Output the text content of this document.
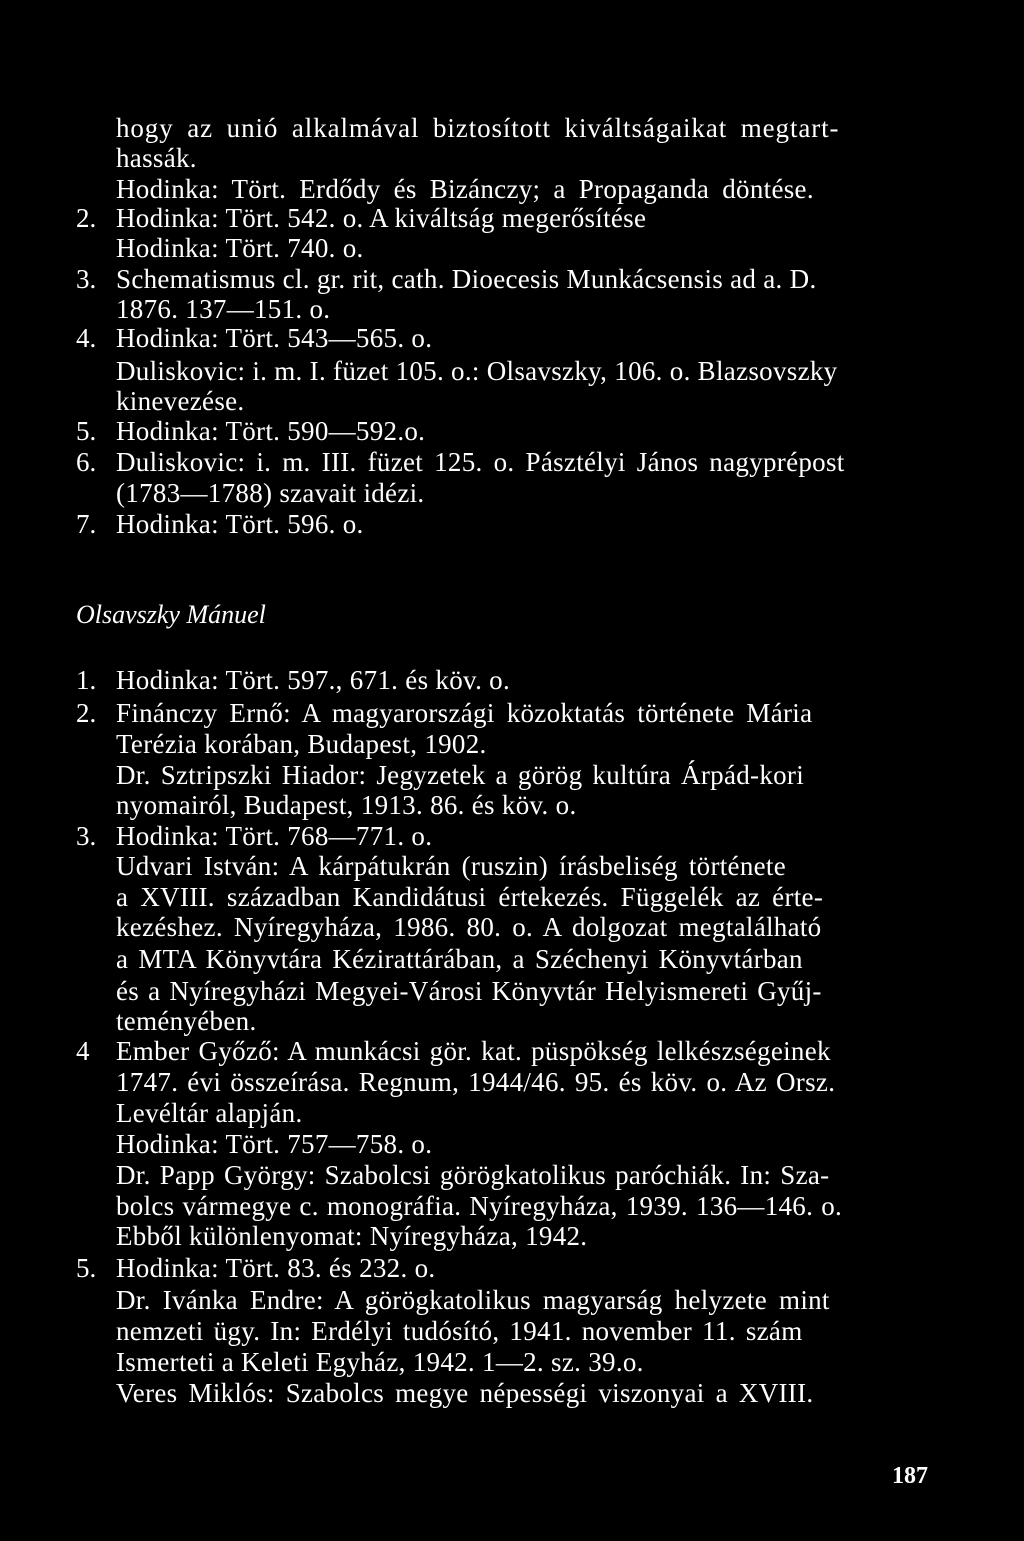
hogy az unió alkalmával biztosított kiváltságaikat megtart-
hassák.
Hodinka: Tört. Erdődy és Bizánczy; a Propaganda döntése.
2. Hodinka: Tört. 542. o. A kiváltság megerősítése
Hodinka: Tört. 740. o.
3. Schematismus cl. gr. rit, cath. Dioecesis Munkácsensis ad a. D.
1876. 137—151. o.
4. Hodinka: Tört. 543—565. o.
Duliskovic: i. m. I. füzet 105. o.: Olsavszky, 106. o. Blazsovszky
kinevezése.
5. Hodinka: Tört. 590—592.o.
6. Duliskovic: i. m. III. füzet 125. o. Pásztélyi János nagyprépost
(1783—1788) szavait idézi.
7. Hodinka: Tört. 596. o.
Olsavszky Mánuel
1. Hodinka: Tört. 597., 671. és köv. o.
2. Finánczy Ernő: A magyarországi közoktatás története Mária
Terézia korában, Budapest, 1902.
Dr. Sztripszki Hiador: Jegyzetek a görög kultúra Árpád-kori
nyomairól, Budapest, 1913. 86. és köv. o.
3. Hodinka: Tört. 768—771. o.
Udvari István: A kárpátukrán (ruszin) írásbeliség története
a XVIII. században Kandidátusi értekezés. Függelék az érte-
kezéshez. Nyíregyháza, 1986. 80. o. A dolgozat megtalálható
a MTA Könyvtára Kézirattárában, a Széchenyi Könyvtárban
és a Nyíregyházi Megyei-Városi Könyvtár Helyismereti Gyűj-
teményében.
4 Ember Győző: A munkácsi gör. kat. püspökség lelkészségeinek
1747. évi összeírása. Regnum, 1944/46. 95. és köv. o. Az Orsz.
Levéltár alapján.
Hodinka: Tört. 757—758. o.
Dr. Papp György: Szabolcsi görögkatolikus paróchiák. In: Sza-
bolcs vármegye c. monográfia. Nyíregyháza, 1939. 136—146. o.
Ebből különlenyomat: Nyíregyháza, 1942.
5. Hodinka: Tört. 83. és 232. o.
Dr. Ivánka Endre: A görögkatolikus magyarság helyzete mint
nemzeti ügy. In: Erdélyi tudósító, 1941. november 11. szám
Ismerteti a Keleti Egyház, 1942. 1—2. sz. 39.o.
Veres Miklós: Szabolcs megye népességi viszonyai a XVIII.
187
